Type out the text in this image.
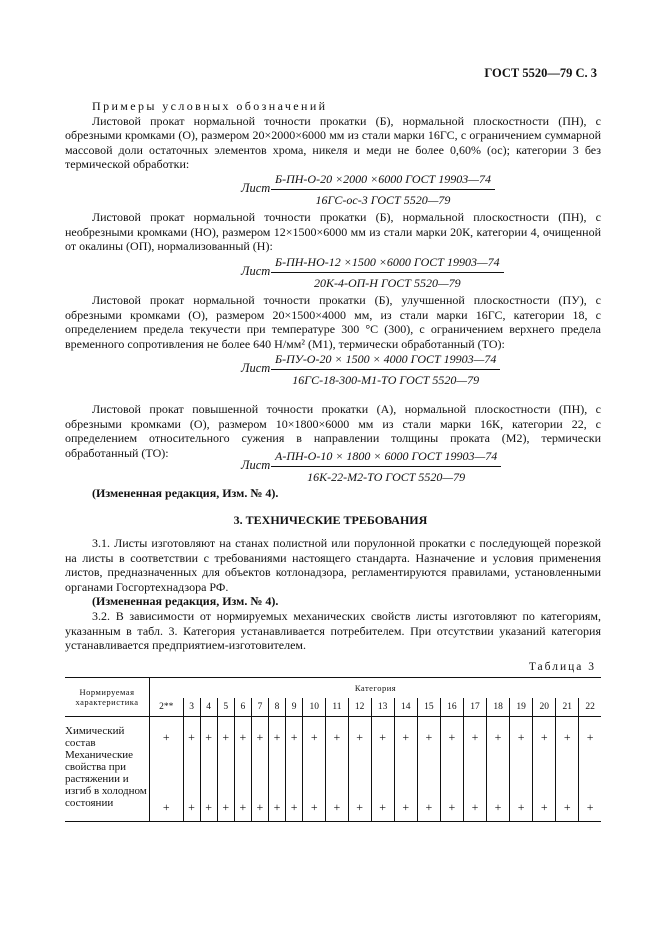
ГОСТ 5520—79 С. 3

Примеры условных обозначений

Листовой прокат нормальной точности прокатки (Б), нормальной плоскостности (ПН), с обрезными кромками (О), размером 20×2000×6000 мм из стали марки 16ГС, с ограничением суммарной массовой доли остаточных элементов хрома, никеля и меди не более 0,60% (ос); категории 3 без термической обработки:

Лист
Б-ПН-О-20 ×2000 ×6000 ГОСТ 19903—74
16ГС-ос-3 ГОСТ 5520—79

Листовой прокат нормальной точности прокатки (Б), нормальной плоскостности (ПН), с необрезными кромками (НО), размером 12×1500×6000 мм из стали марки 20К, категории 4, очищенной от окалины (ОП), нормализованный (Н):

Лист
Б-ПН-НО-12 ×1500 ×6000 ГОСТ 19903—74
20К-4-ОП-Н ГОСТ 5520—79

Листовой прокат нормальной точности прокатки (Б), улучшенной плоскостности (ПУ), с обрезными кромками (О), размером 20×1500×4000 мм, из стали марки 16ГС, категории 18, с определением предела текучести при температуре 300 °С (300), с ограничением верхнего предела временного сопротивления не более 640 Н/мм² (М1), термически обработанный (ТО):

Лист
Б-ПУ-О-20 × 1500 × 4000 ГОСТ 19903—74
16ГС-18-300-М1-ТО ГОСТ 5520—79

Листовой прокат повышенной точности прокатки (А), нормальной плоскостности (ПН), с обрезными кромками (О), размером 10×1800×6000 мм из стали марки 16К, категории 22, с определением относительного сужения в направлении толщины проката (М2), термически обработанный (ТО):

Лист
А-ПН-О-10 × 1800 × 6000 ГОСТ 19903—74
16К-22-М2-ТО ГОСТ 5520—79

(Измененная редакция, Изм. № 4).

3. ТЕХНИЧЕСКИЕ ТРЕБОВАНИЯ

3.1. Листы изготовляют на станах полистной или порулонной прокатки с последующей порезкой на листы в соответствии с требованиями настоящего стандарта. Назначение и условия применения листов, предназначенных для объектов котлонадзора, регламентируются правилами, установленными органами Госгортехнадзора РФ.

(Измененная редакция, Изм. № 4).

3.2. В зависимости от нормируемых механических свойств листы изготовляют по категориям, указанным в табл. 3. Категория устанавливается потребителем. При отсутствии указаний категория устанавливается предприятием-изготовителем.

Таблица 3
Нормируемая характеристика	Категория																				
	2**	3	4	5	6	7	8	9	10	11	12	13	14	15	16	17	18	19	20	21	22
Химический состав	+	+	+	+	+	+	+	+	+	+	+	+	+	+	+	+	+	+	+	+	+
Механические свойства при растяжении и изгиб в холодном состоянии	+	+	+	+	+	+	+	+	+	+	+	+	+	+	+	+	+	+	+	+	+
